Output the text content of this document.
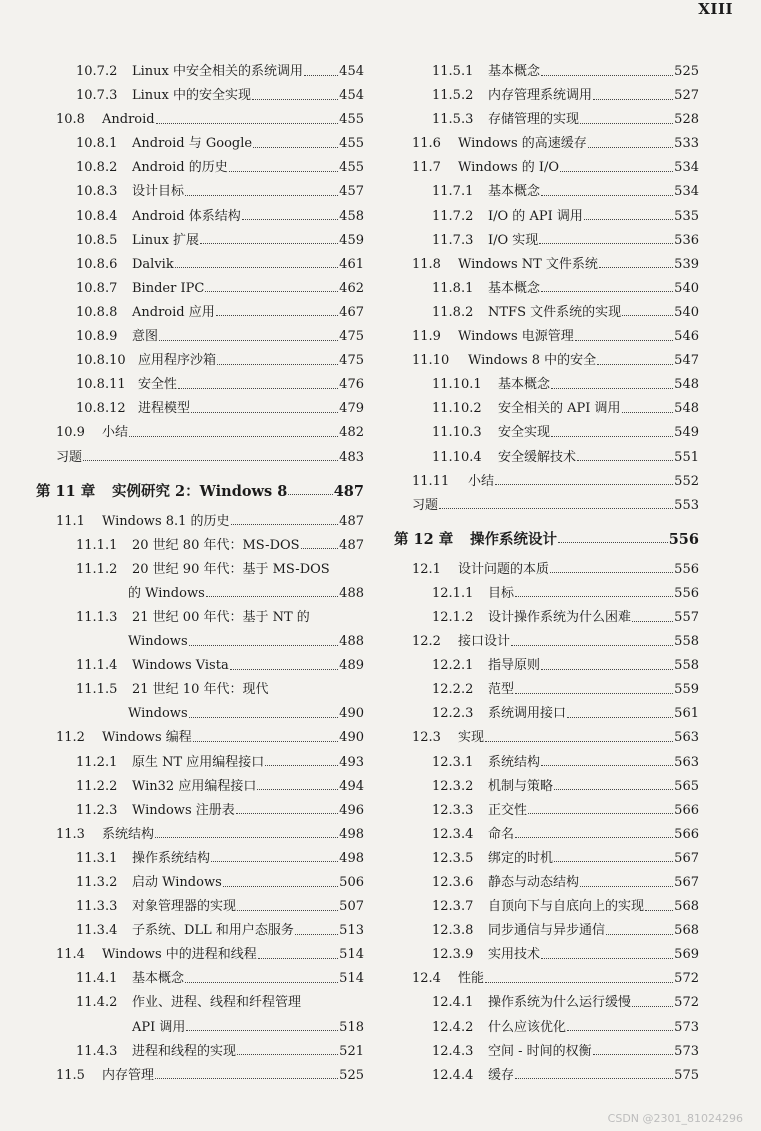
XIII
10.7.2	Linux 中安全相关的系统调用	454
10.7.3	Linux 中的安全实现	454
10.8	Android	455
10.8.1	Android 与 Google	455
10.8.2	Android 的历史	455
10.8.3	设计目标	457
10.8.4	Android 体系结构	458
10.8.5	Linux 扩展	459
10.8.6	Dalvik	461
10.8.7	Binder IPC	462
10.8.8	Android 应用	467
10.8.9	意图	475
10.8.10 应用程序沙箱	475
10.8.11 安全性	476
10.8.12 进程模型	479
10.9	小结	482
习题	483
第 11 章	实例研究 2：Windows 8	487
11.1	Windows 8.1 的历史	487
11.1.1	20 世纪 80 年代：MS-DOS	487
11.1.2	20 世纪 90 年代：基于 MS-DOS
的 Windows	488
11.1.3	21 世纪 00 年代：基于 NT 的
Windows	488
11.1.4	Windows Vista	489
11.1.5	21 世纪 10 年代：现代
Windows	490
11.2	Windows 编程	490
11.2.1	原生 NT 应用编程接口	493
11.2.2	Win32 应用编程接口	494
11.2.3	Windows 注册表	496
11.3	系统结构	498
11.3.1	操作系统结构	498
11.3.2	启动 Windows	506
11.3.3	对象管理器的实现	507
11.3.4	子系统、DLL 和用户态服务	513
11.4	Windows 中的进程和线程	514
11.4.1	基本概念	514
11.4.2	作业、进程、线程和纤程管理
API 调用	518
11.4.3	进程和线程的实现	521
11.5	内存管理	525
11.5.1	基本概念	525
11.5.2	内存管理系统调用	527
11.5.3	存储管理的实现	528
11.6	Windows 的高速缓存	533
11.7	Windows 的 I/O	534
11.7.1	基本概念	534
11.7.2	I/O 的 API 调用	535
11.7.3	I/O 实现	536
11.8	Windows NT 文件系统	539
11.8.1	基本概念	540
11.8.2	NTFS 文件系统的实现	540
11.9	Windows 电源管理	546
11.10	Windows 8 中的安全	547
11.10.1	基本概念	548
11.10.2	安全相关的 API 调用	548
11.10.3	安全实现	549
11.10.4	安全缓解技术	551
11.11	小结	552
习题	553
第 12 章	操作系统设计	556
12.1	设计问题的本质	556
12.1.1	目标	556
12.1.2	设计操作系统为什么困难	557
12.2	接口设计	558
12.2.1	指导原则	558
12.2.2	范型	559
12.2.3	系统调用接口	561
12.3	实现	563
12.3.1	系统结构	563
12.3.2	机制与策略	565
12.3.3	正交性	566
12.3.4	命名	566
12.3.5	绑定的时机	567
12.3.6	静态与动态结构	567
12.3.7	自顶向下与自底向上的实现 568
12.3.8	同步通信与异步通信	568
12.3.9	实用技术	569
12.4	性能	572
12.4.1	操作系统为什么运行缓慢	572
12.4.2	什么应该优化	573
12.4.3	空间 - 时间的权衡	573
12.4.4	缓存	575
CSDN @2301_81024296
